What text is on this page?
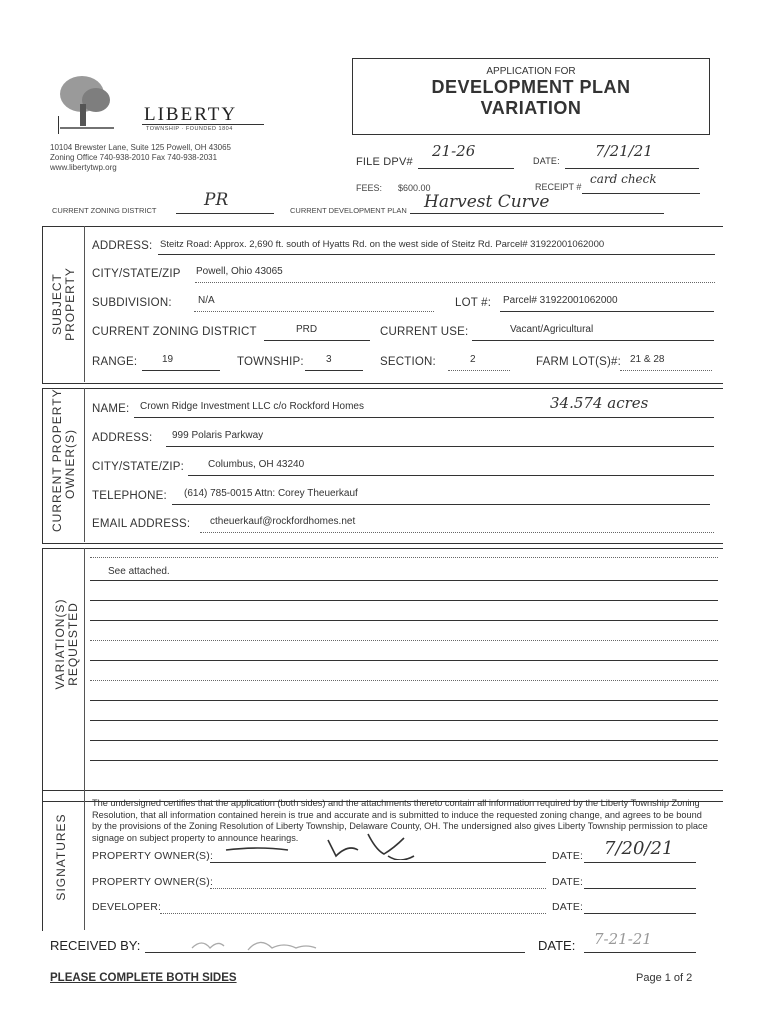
LIBERTY
TOWNSHIP · FOUNDED 1804
10104 Brewster Lane, Suite 125 Powell, OH 43065
Zoning Office 740-938-2010 Fax 740-938-2031
www.libertytwp.org
APPLICATION FOR
DEVELOPMENT PLAN
VARIATION
FILE DPV#
21-26
DATE:
7/21/21
FEES: $600.00	RECEIPT #
card check
CURRENT ZONING DISTRICT
PR
CURRENT DEVELOPMENT PLAN Harvest Curve
SUBJECT PROPERTY
ADDRESS: Steitz Road: Approx. 2,690 ft. south of Hyatts Rd. on the west side of Steitz Rd. Parcel# 31922001062000
CITY/STATE/ZIP Powell, Ohio 43065
SUBDIVISION:	N/A	LOT #: Parcel# 31922001062000
CURRENT ZONING DISTRICT	PRD	CURRENT USE:	Vacant/Agricultural
RANGE: 19	TOWNSHIP: 3	SECTION:	2	FARM LOT(S)#: 21 & 28
CURRENT PROPERTY OWNER(S)
NAME: Crown Ridge Investment LLC c/o Rockford Homes	34.574 acres
ADDRESS: 999 Polaris Parkway
CITY/STATE/ZIP: Columbus, OH 43240
TELEPHONE: (614) 785-0015 Attn: Corey Theuerkauf
EMAIL ADDRESS: ctheuerkauf@rockfordhomes.net
VARIATION(S) REQUESTED
See attached.
SIGNATURES
The undersigned certifies that the application (both sides) and the attachments thereto contain all information required by the Liberty Township Zoning Resolution, that all information contained herein is true and accurate and is submitted to induce the requested zoning change, and agrees to be bound by the provisions of the Zoning Resolution of Liberty Township, Delaware County, OH. The undersigned also gives Liberty Township permission to place signage on subject property to announce hearings.
PROPERTY OWNER(S):	DATE: 7/20/21
PROPERTY OWNER(S):	DATE:
DEVELOPER:	DATE:
RECEIVED BY:	DATE: 7-21-21
PLEASE COMPLETE BOTH SIDES	Page 1 of 2
